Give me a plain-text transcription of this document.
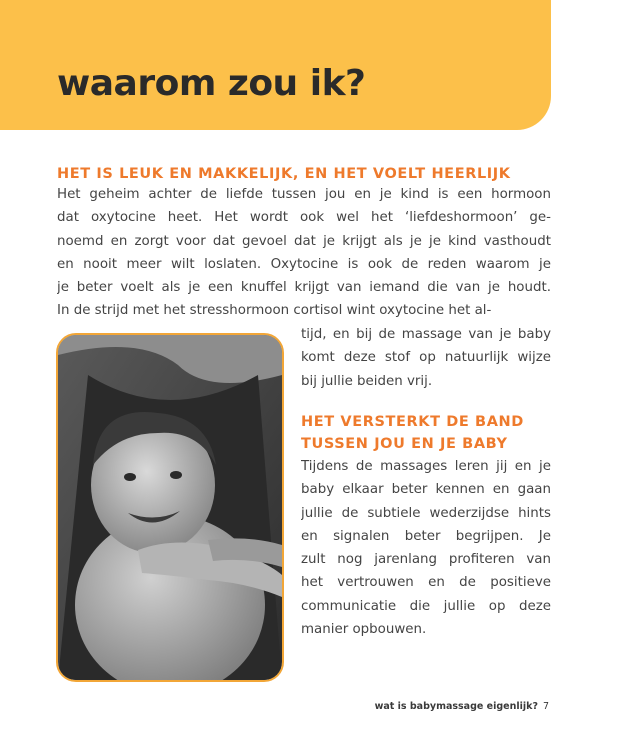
waarom zou ik?
HET IS LEUK EN MAKKELIJK, EN HET VOELT HEERLIJK
Het geheim achter de liefde tussen jou en je kind is een hormoon
dat oxytocine heet. Het wordt ook wel het ‘liefdeshormoon’ ge-
noemd en zorgt voor dat gevoel dat je krijgt als je je kind vasthoudt
en nooit meer wilt loslaten. Oxytocine is ook de reden waarom je
je beter voelt als je een knuffel krijgt van iemand die van je houdt.
In de strijd met het stresshormoon cortisol wint oxytocine het al-
tijd, en bij de massage van je baby
komt deze stof op natuurlijk wijze
bij jullie beiden vrij.
HET VERSTERKT DE BAND
TUSSEN JOU EN JE BABY
Tijdens de massages leren jij en je
baby elkaar beter kennen en gaan
jullie de subtiele wederzijdse hints
en signalen beter begrijpen. Je
zult nog jarenlang profiteren van
het vertrouwen en de positieve
communicatie die jullie op deze
manier opbouwen.
wat is babymassage eigenlijk? 7
